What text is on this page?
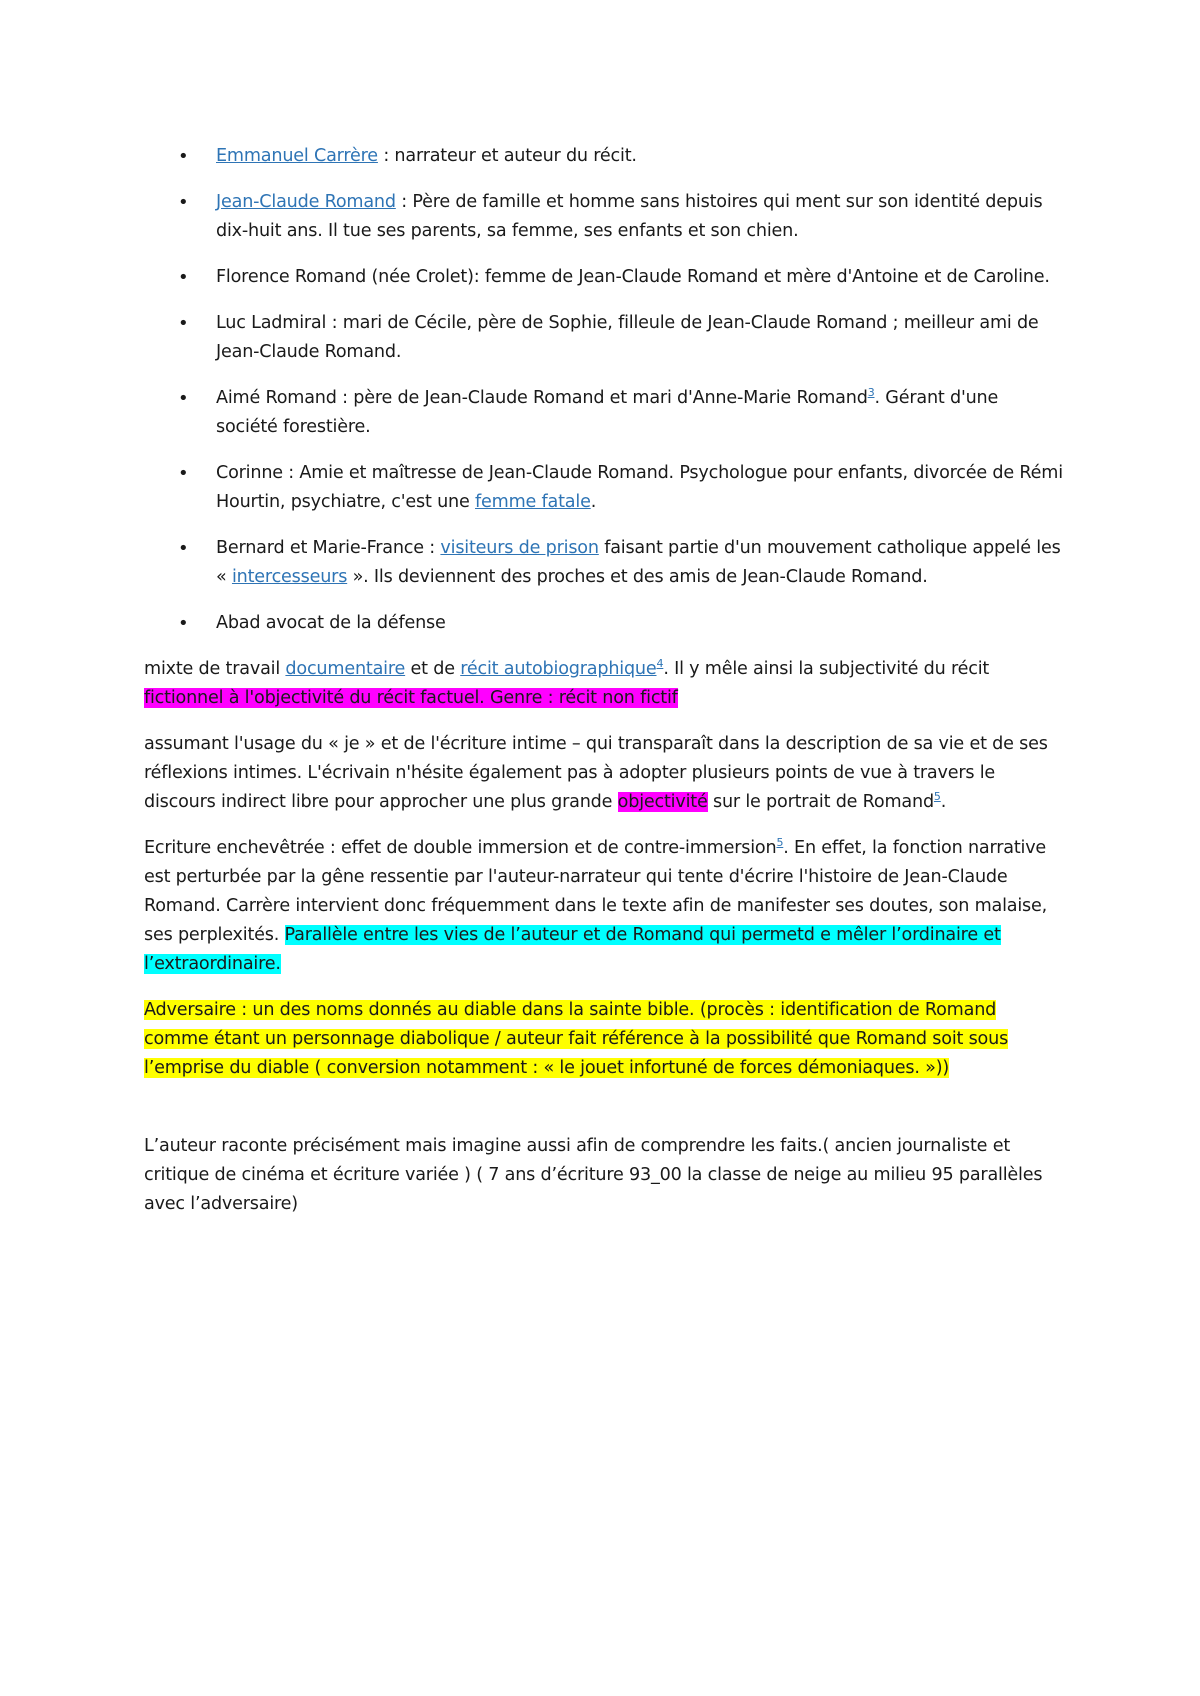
• Emmanuel Carrère : narrateur et auteur du récit.
• Jean-Claude Romand : Père de famille et homme sans histoires qui ment sur son identité depuis dix-huit ans. Il tue ses parents, sa femme, ses enfants et son chien.
• Florence Romand (née Crolet): femme de Jean-Claude Romand et mère d'Antoine et de Caroline.
• Luc Ladmiral : mari de Cécile, père de Sophie, filleule de Jean-Claude Romand ; meilleur ami de Jean-Claude Romand.
• Aimé Romand : père de Jean-Claude Romand et mari d'Anne-Marie Romand$^3$. Gérant d'une société forestière.
• Corinne : Amie et maîtresse de Jean-Claude Romand. Psychologue pour enfants, divorcée de Rémi Hourtin, psychiatre, c'est une femme fatale.
• Bernard et Marie-France : visiteurs de prison faisant partie d'un mouvement catholique appelé les « intercesseurs ». Ils deviennent des proches et des amis de Jean-Claude Romand.
• Abad avocat de la défense

mixte de travail documentaire et de récit autobiographique$^4$. Il y mêle ainsi la subjectivité du récit fictionnel à l'objectivité du récit factuel. Genre : récit non fictif

assumant l'usage du « je » et de l'écriture intime – qui transparaît dans la description de sa vie et de ses réflexions intimes. L'écrivain n'hésite également pas à adopter plusieurs points de vue à travers le discours indirect libre pour approcher une plus grande objectivité sur le portrait de Romand$^5$.

Ecriture enchevêtrée : effet de double immersion et de contre-immersion$^5$. En effet, la fonction narrative est perturbée par la gêne ressentie par l'auteur-narrateur qui tente d'écrire l'histoire de Jean-Claude Romand. Carrère intervient donc fréquemment dans le texte afin de manifester ses doutes, son malaise, ses perplexités. Parallèle entre les vies de l’auteur et de Romand qui permetd e mêler l’ordinaire et l’extraordinaire.

Adversaire : un des noms donnés au diable dans la sainte bible. (procès : identification de Romand comme étant un personnage diabolique / auteur fait référence à la possibilité que Romand soit sous l’emprise du diable ( conversion notamment : « le jouet infortuné de forces démoniaques. »))

L’auteur raconte précisément mais imagine aussi afin de comprendre les faits.( ancien journaliste et critique de cinéma et écriture variée ) ( 7 ans d’écriture 93_00 la classe de neige au milieu 95 parallèles avec l’adversaire)
